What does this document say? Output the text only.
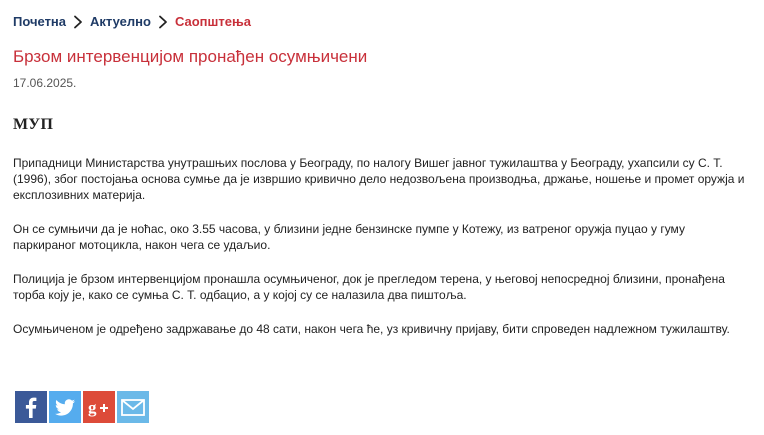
Почетна Актуелно Саопштења
Брзом интервенцијом пронађен осумњичени
17.06.2025.
МУП

Припадници Министарства унутрашњих послова у Београду, по налогу Вишег јавног тужилаштва у Београду, ухапсили су С. Т. (1996), због постојања основа сумње да је извршио кривично дело недозвољена производња, држање, ношење и промет оружја и експлозивних материја.

Он се сумњичи да је ноћас, око 3.55 часова, у близини једне бензинске пумпе у Котежу, из ватреног оружја пуцао у гуму паркираног мотоцикла, након чега се удаљио.

Полиција је брзом интервенцијом пронашла осумњиченог, док је прегледом терена, у његовој непосредној близини, пронађена торба коју је, како се сумња С. Т. одбацио, а у којој су се налазила два пиштоља.

Осумњиченом је одређено задржавање до 48 сати, након чега ће, уз кривичну пријаву, бити спроведен надлежном тужилаштву.

g
